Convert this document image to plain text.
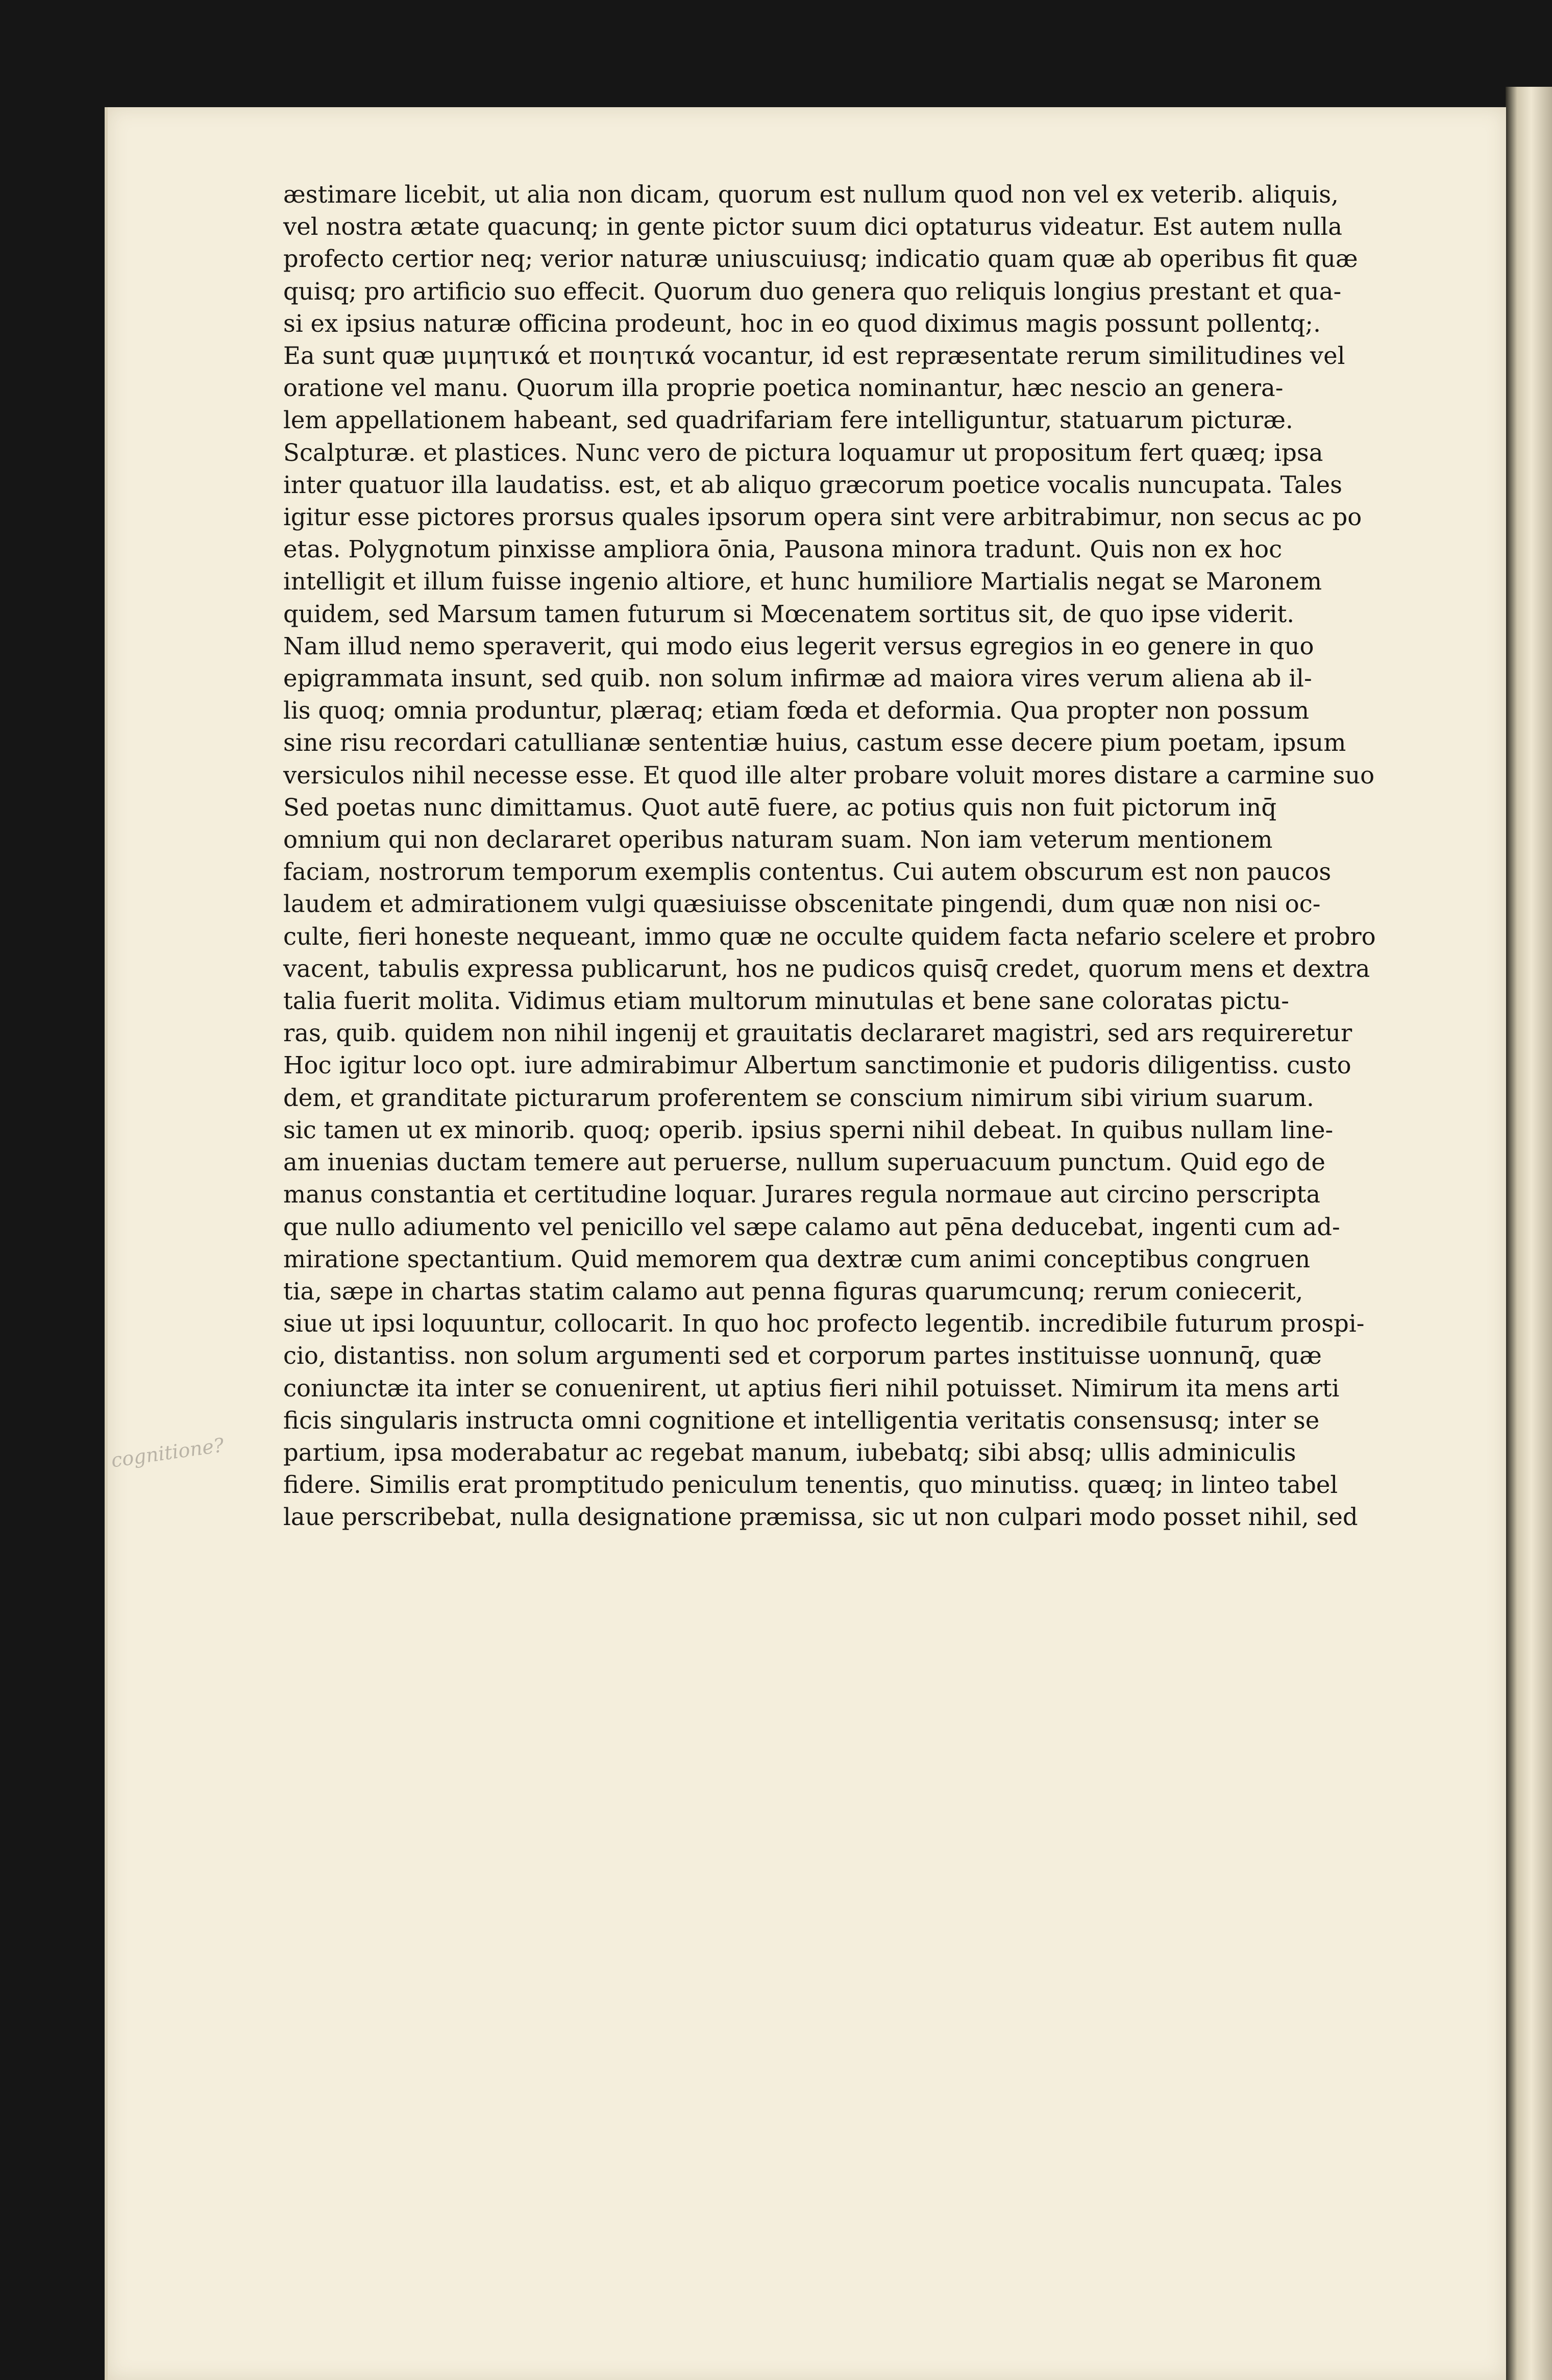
cognitione?
æstimare licebit, ut alia non dicam, quorum est nullum quod non vel ex veterib. aliquis,
vel nostra ætate quacunq; in gente pictor suum dici optaturus videatur. Est autem nulla
profecto certior neq; verior naturæ uniuscuiusq; indicatio quam quæ ab operibus fit quæ
quisq; pro artificio suo effecit. Quorum duo genera quo reliquis longius prestant et qua-
si ex ipsius naturæ officina prodeunt, hoc in eo quod diximus magis possunt pollentq;.
Ea sunt quæ μιμητικά et ποιητικά vocantur, id est repræsentate rerum similitudines vel
oratione vel manu. Quorum illa proprie poetica nominantur, hæc nescio an genera-
lem appellationem habeant, sed quadrifariam fere intelliguntur, statuarum picturæ.
Scalpturæ. et plastices. Nunc vero de pictura loquamur ut propositum fert quæq; ipsa
inter quatuor illa laudatiss. est, et ab aliquo græcorum poetice vocalis nuncupata. Tales
igitur esse pictores prorsus quales ipsorum opera sint vere arbitrabimur, non secus ac po
etas. Polygnotum pinxisse ampliora ōnia, Pausona minora tradunt. Quis non ex hoc
intelligit et illum fuisse ingenio altiore, et hunc humiliore Martialis negat se Maronem
quidem, sed Marsum tamen futurum si Mœcenatem sortitus sit, de quo ipse viderit.
Nam illud nemo speraverit, qui modo eius legerit versus egregios in eo genere in quo
epigrammata insunt, sed quib. non solum infirmæ ad maiora vires verum aliena ab il-
lis quoq; omnia produntur, plæraq; etiam fœda et deformia. Qua propter non possum
sine risu recordari catullianæ sententiæ huius, castum esse decere pium poetam, ipsum
versiculos nihil necesse esse. Et quod ille alter probare voluit mores distare a carmine suo
Sed poetas nunc dimittamus. Quot autē fuere, ac potius quis non fuit pictorum inq̄
omnium qui non declararet operibus naturam suam. Non iam veterum mentionem
faciam, nostrorum temporum exemplis contentus. Cui autem obscurum est non paucos
laudem et admirationem vulgi quæsiuisse obscenitate pingendi, dum quæ non nisi oc-
culte, fieri honeste nequeant, immo quæ ne occulte quidem facta nefario scelere et probro
vacent, tabulis expressa publicarunt, hos ne pudicos quisq̄ credet, quorum mens et dextra
talia fuerit molita. Vidimus etiam multorum minutulas et bene sane coloratas pictu-
ras, quib. quidem non nihil ingenij et grauitatis declararet magistri, sed ars requireretur
Hoc igitur loco opt. iure admirabimur Albertum sanctimonie et pudoris diligentiss. custo
dem, et granditate picturarum proferentem se conscium nimirum sibi virium suarum.
sic tamen ut ex minorib. quoq; operib. ipsius sperni nihil debeat. In quibus nullam line-
am inuenias ductam temere aut peruerse, nullum superuacuum punctum. Quid ego de
manus constantia et certitudine loquar. Jurares regula normaue aut circino perscripta
que nullo adiumento vel penicillo vel sæpe calamo aut pēna deducebat, ingenti cum ad-
miratione spectantium. Quid memorem qua dextræ cum animi conceptibus congruen
tia, sæpe in chartas statim calamo aut penna figuras quarumcunq; rerum coniecerit,
siue ut ipsi loquuntur, collocarit. In quo hoc profecto legentib. incredibile futurum prospi-
cio, distantiss. non solum argumenti sed et corporum partes instituisse uonnunq̄, quæ
coniunctæ ita inter se conuenirent, ut aptius fieri nihil potuisset. Nimirum ita mens arti
ficis singularis instructa omni cognitione et intelligentia veritatis consensusq; inter se
partium, ipsa moderabatur ac regebat manum, iubebatq; sibi absq; ullis adminiculis
fidere. Similis erat promptitudo peniculum tenentis, quo minutiss. quæq; in linteo tabel
laue perscribebat, nulla designatione præmissa, sic ut non culpari modo posset nihil, sed
